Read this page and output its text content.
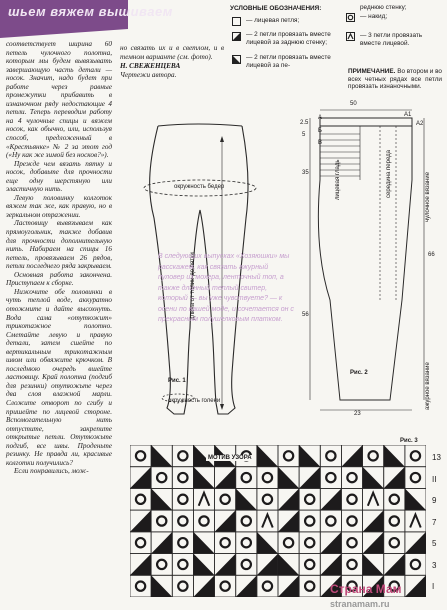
шьем вяжем вышиваем

соответствует ширина 60 петель чулочного полотна, которым мы будем вывязывать завершающую часть детали — носок. Значит, надо будет при работе через равные промежутки прибавить в изнаночном ряду недостающие 4 петли. Теперь переводим работу на 4 чулочные спицы и вяжем носок, как обычно, или, используя способ, предложенный в «Крестьянке» № 2 за этот год («Ну как же зимой без носков?»).

Прежде чем вязать пятку и носок, добавьте для прочности еще одну шерстяную или эластичную нить.

Левую половинку колготок вяжем так же, как правую, но в зеркальном отражении.

Ластовицу вывязываем как прямоугольник, также добавив для прочности дополнительную нить. Набираем на спицы 16 петель, провязываем 26 рядов, петли последнего ряда закрываем.

Основная работа закончена. Приступаем к сборке.

Нижочите обе половинки в чуть теплой воде, аккуратно отожмите и дайте высохнуть. Вода сама «отутюжит» трикотажное полотно. Сметайте левую и правую детали, затем сшейте по вертикальным трикотажным швом или обвяжите крючком. В последнюю очередь вшейте ластовицу. Край полотна (подгиб для резинки) отутюжьте через два слоя влажной марли. Сложите отворот по сгибу и пришейте по лицевой стороне. Вспомогательную нить отпустите, закрепите открытые петли. Отутюжьте подгиб, все швы. Проденьте резинку. Не правда ли, красивые колготки получились?

Если понравились, мож-

но связать их и в светлом, и в темном варианте (см. фото).

Н. СВЕЖЕНЦЕВА

Чертежи автора.

УСЛОВНЫЕ ОБОЗНАЧЕНИЯ:
— лицевая петля;
— 2 петли провязать вместе лицевой за заднюю стенку;
— 2 петли провязать вместе лицевой за пе-
реднюю стенку;
— накид;
— 3 петли провязать вместе лицевой.
ПРИМЕЧАНИЕ. Во втором и во всех четных рядах все петли провязать изнаночными.
окружность бедер
окружность голени
длина от талии до пятки
Рис. 1
В следующих выпусках «Хозяюшки» мы расскажем, как связать ажурный пуловер из мохера, ленточный топ, а также длинный теплый свитер, который — вы уже чувствуете? — к осени по вашей моде, и сочетается он с прекрасным полушелковым платком.
50
A	A1
A2
Б
В
2.5
5
35
56
23
66
лицевая гладь
ажурное вязание
чулочное вязание
середина переда
Рис. 2
Рис. 3
МОТИВ УЗОРА	13
II
9
7
5
3
I
Страна Мам
stranamam.ru
